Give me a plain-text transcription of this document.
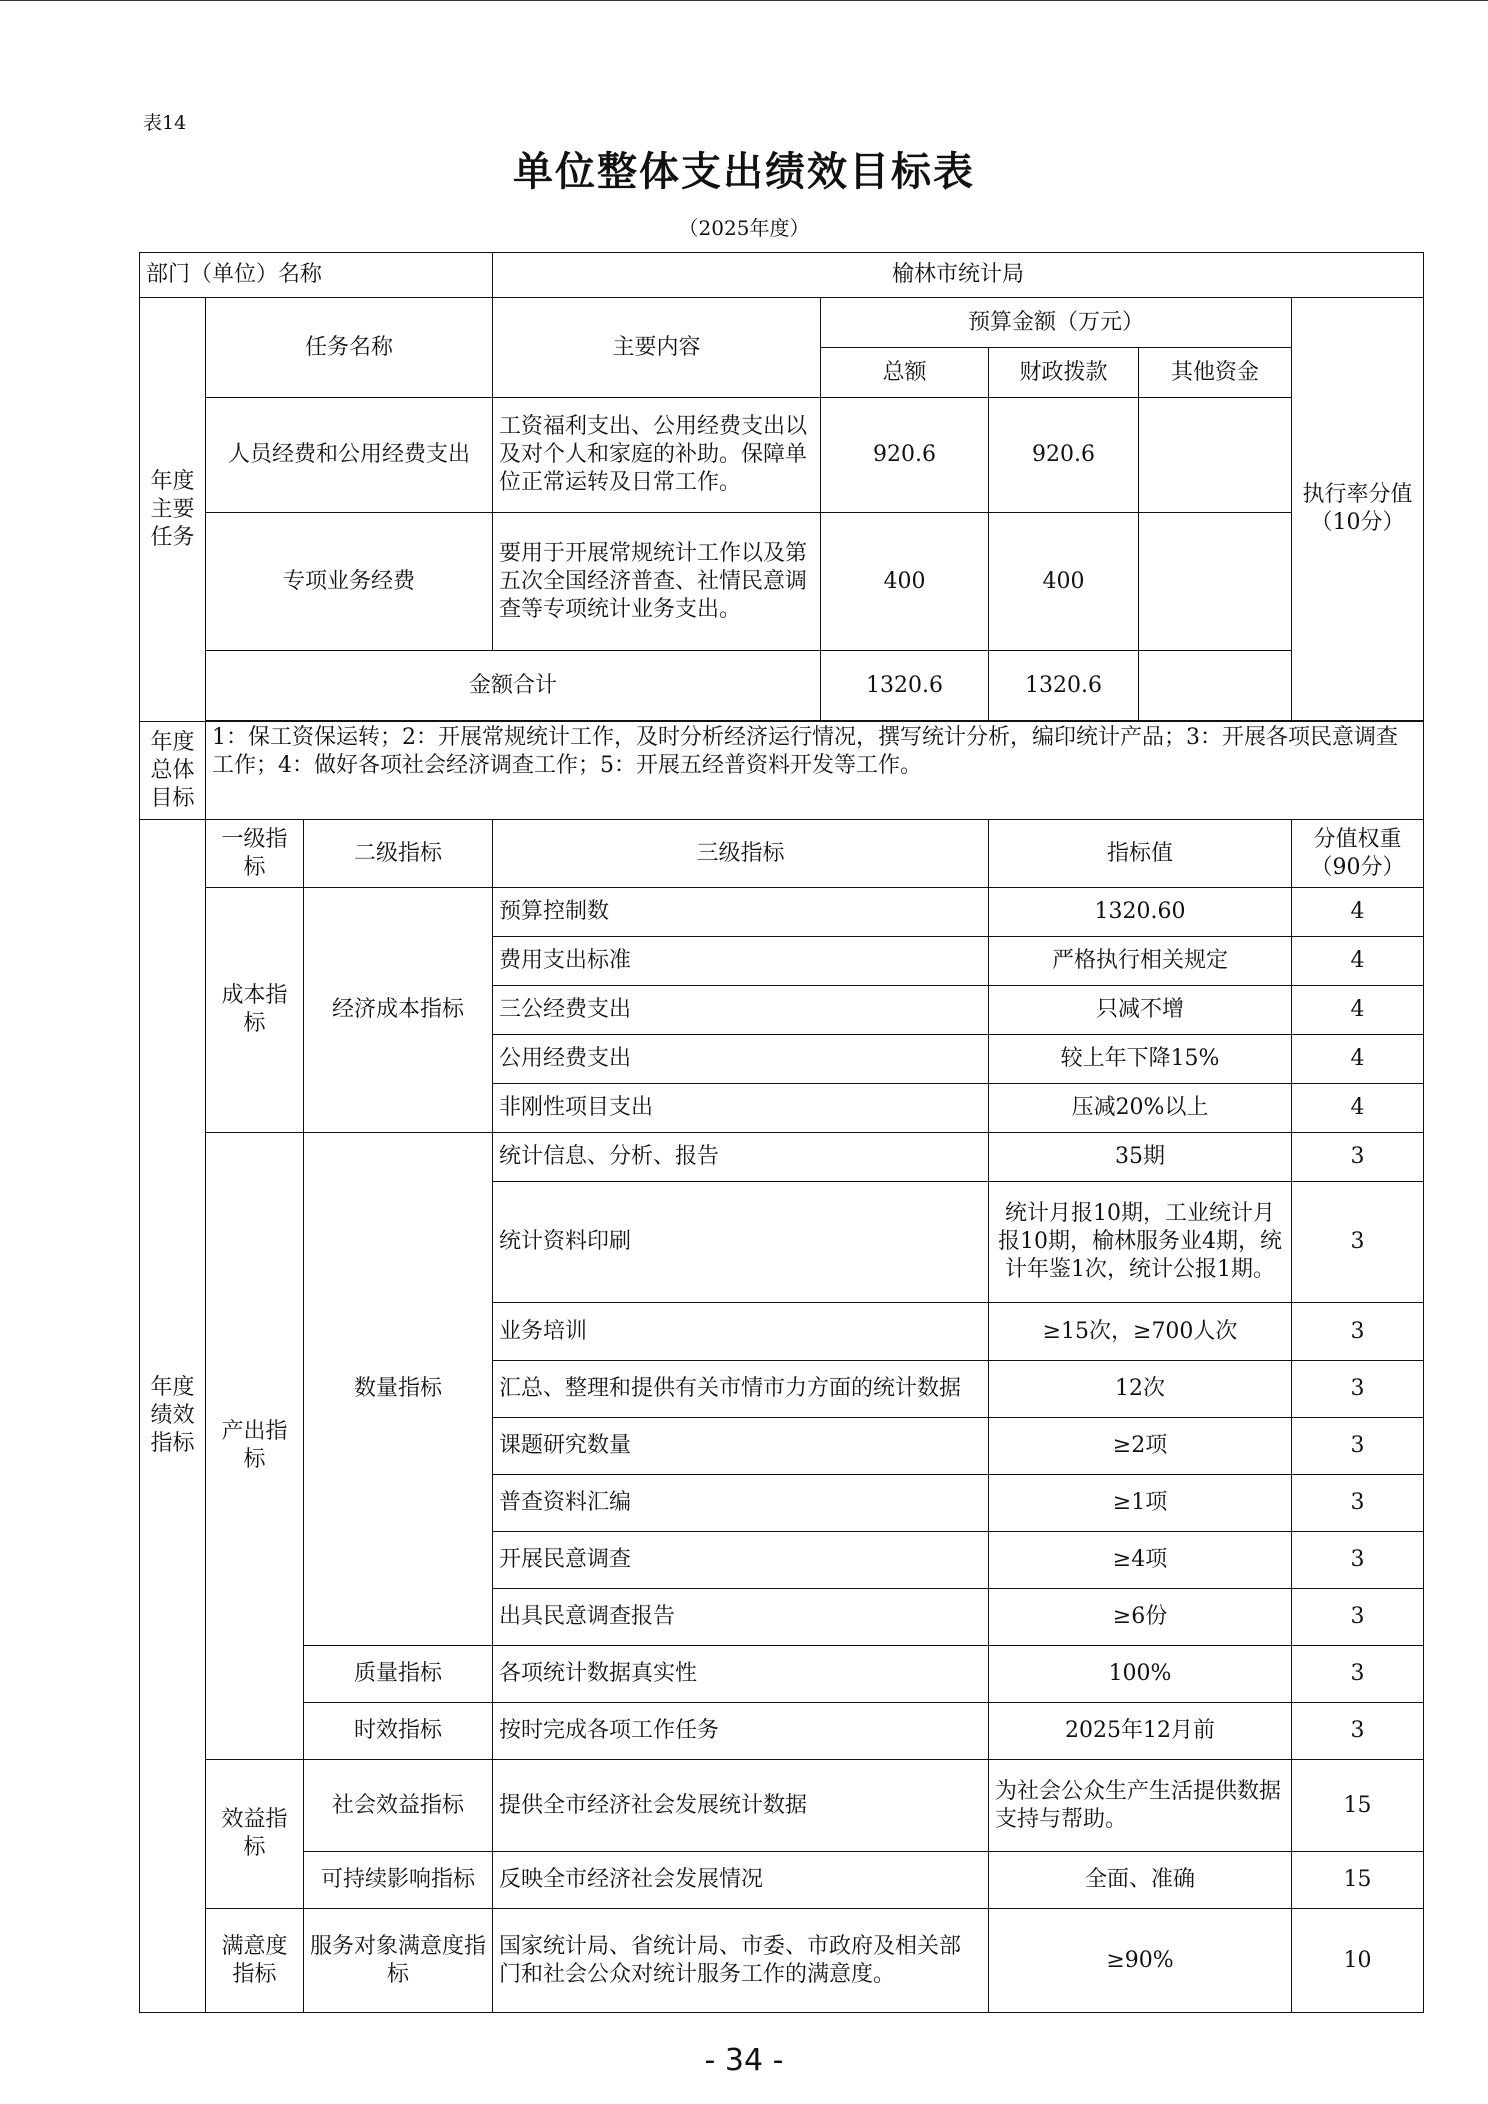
表14
单位整体支出绩效目标表
（2025年度）
部门（单位）名称			榆林市统计局				
年度主要任务	任务名称		主要内容	预算金额（万元）			执行率分值（10分）
				总额	财政拨款	其他资金	
	人员经费和公用经费支出		工资福利支出、公用经费支出以及对个人和家庭的补助。保障单位正常运转及日常工作。	920.6	920.6		
	专项业务经费		要用于开展常规统计工作以及第五次全国经济普查、社情民意调查等专项统计业务支出。	400	400		
	金额合计			1320.6	1320.6		

年度总体目标	1：保工资保运转；2：开展常规统计工作，及时分析经济运行情况，撰写统计分析，编印统计产品；3：开展各项民意调查工作；4：做好各项社会经济调查工作；5：开展五经普资料开发等工作。						
年度绩效指标	一级指标	二级指标	三级指标		指标值		分值权重（90分）
	成本指标	经济成本指标	预算控制数		1320.60		4
			费用支出标准		严格执行相关规定		4
			三公经费支出		只减不增		4
			公用经费支出		较上年下降15%		4
			非刚性项目支出		压减20%以上		4
	产出指标	数量指标	统计信息、分析、报告		35期		3
			统计资料印刷		统计月报10期，工业统计月报10期，榆林服务业4期，统计年鉴1次，统计公报1期。		3
			业务培训		≥15次，≥700人次		3
			汇总、整理和提供有关市情市力方面的统计数据		12次		3
			课题研究数量		≥2项		3
			普查资料汇编		≥1项		3
			开展民意调查		≥4项		3
			出具民意调查报告		≥6份		3
		质量指标	各项统计数据真实性		100%		3
		时效指标	按时完成各项工作任务		2025年12月前		3
	效益指标	社会效益指标	提供全市经济社会发展统计数据		为社会公众生产生活提供数据支持与帮助。		15
		可持续影响指标	反映全市经济社会发展情况		全面、准确		15
	满意度指标	服务对象满意度指标	国家统计局、省统计局、市委、市政府及相关部门和社会公众对统计服务工作的满意度。		≥90%		10
- 34 -
